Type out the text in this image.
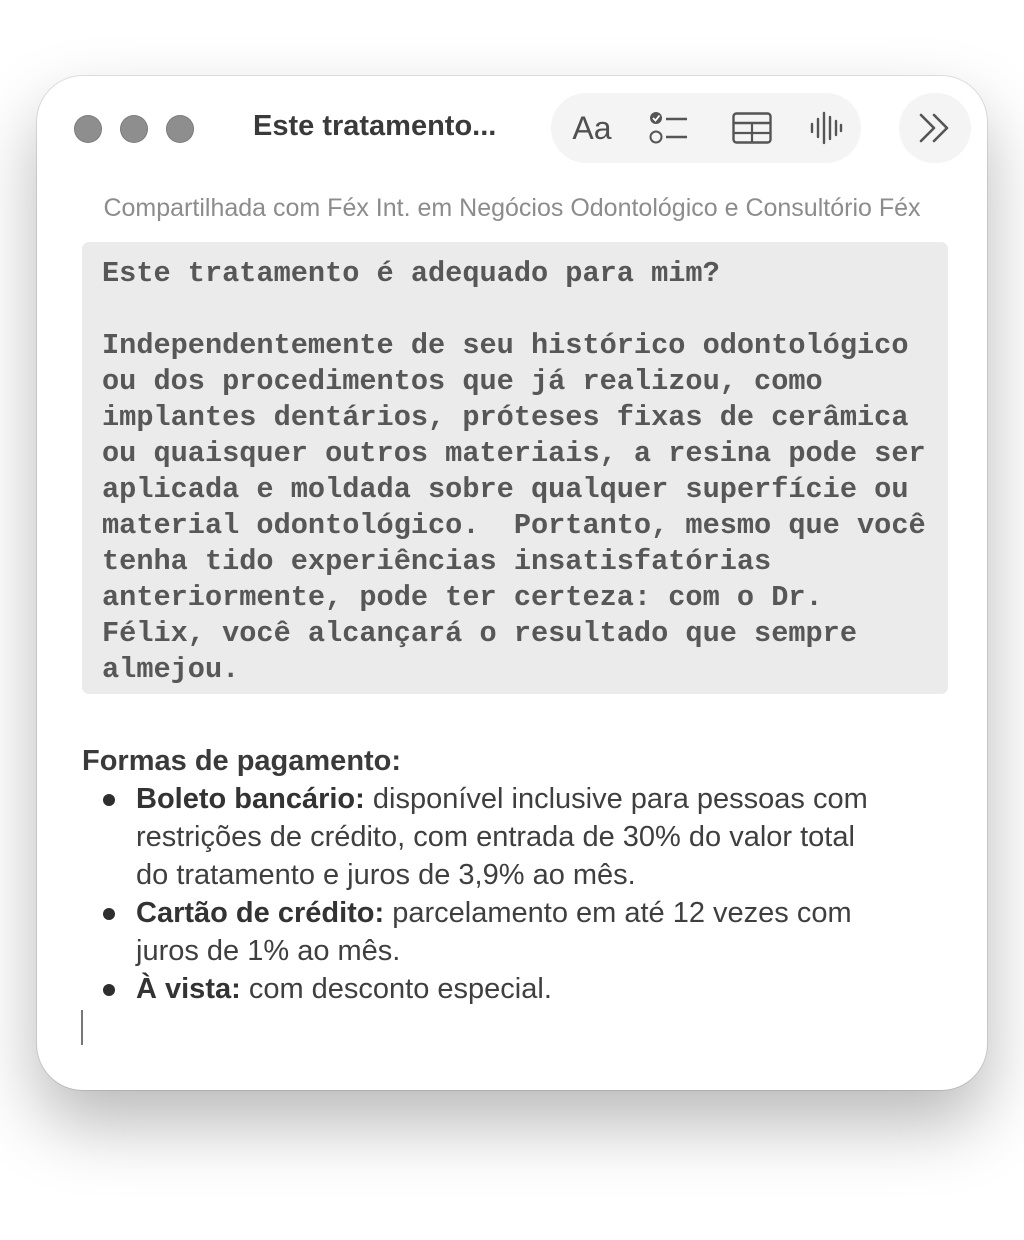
Este tratamento... Aa
Compartilhada com Féx Int. em Negócios Odontológico e Consultório Féx

Este tratamento é adequado para mim?

Independentemente de seu histórico odontológico

ou dos procedimentos que já realizou, como

implantes dentários, próteses fixas de cerâmica

ou quaisquer outros materiais, a resina pode ser

aplicada e moldada sobre qualquer superfície ou

material odontológico.  Portanto, mesmo que você

tenha tido experiências insatisfatórias

anteriormente, pode ter certeza: com o Dr.

Félix, você alcançará o resultado que sempre

almejou.

Formas de pagamento:
Boleto bancário: disponível inclusive para pessoas com
restrições de crédito, com entrada de 30% do valor total
do tratamento e juros de 3,9% ao mês.
Cartão de crédito: parcelamento em até 12 vezes com
juros de 1% ao mês.
À vista: com desconto especial.
